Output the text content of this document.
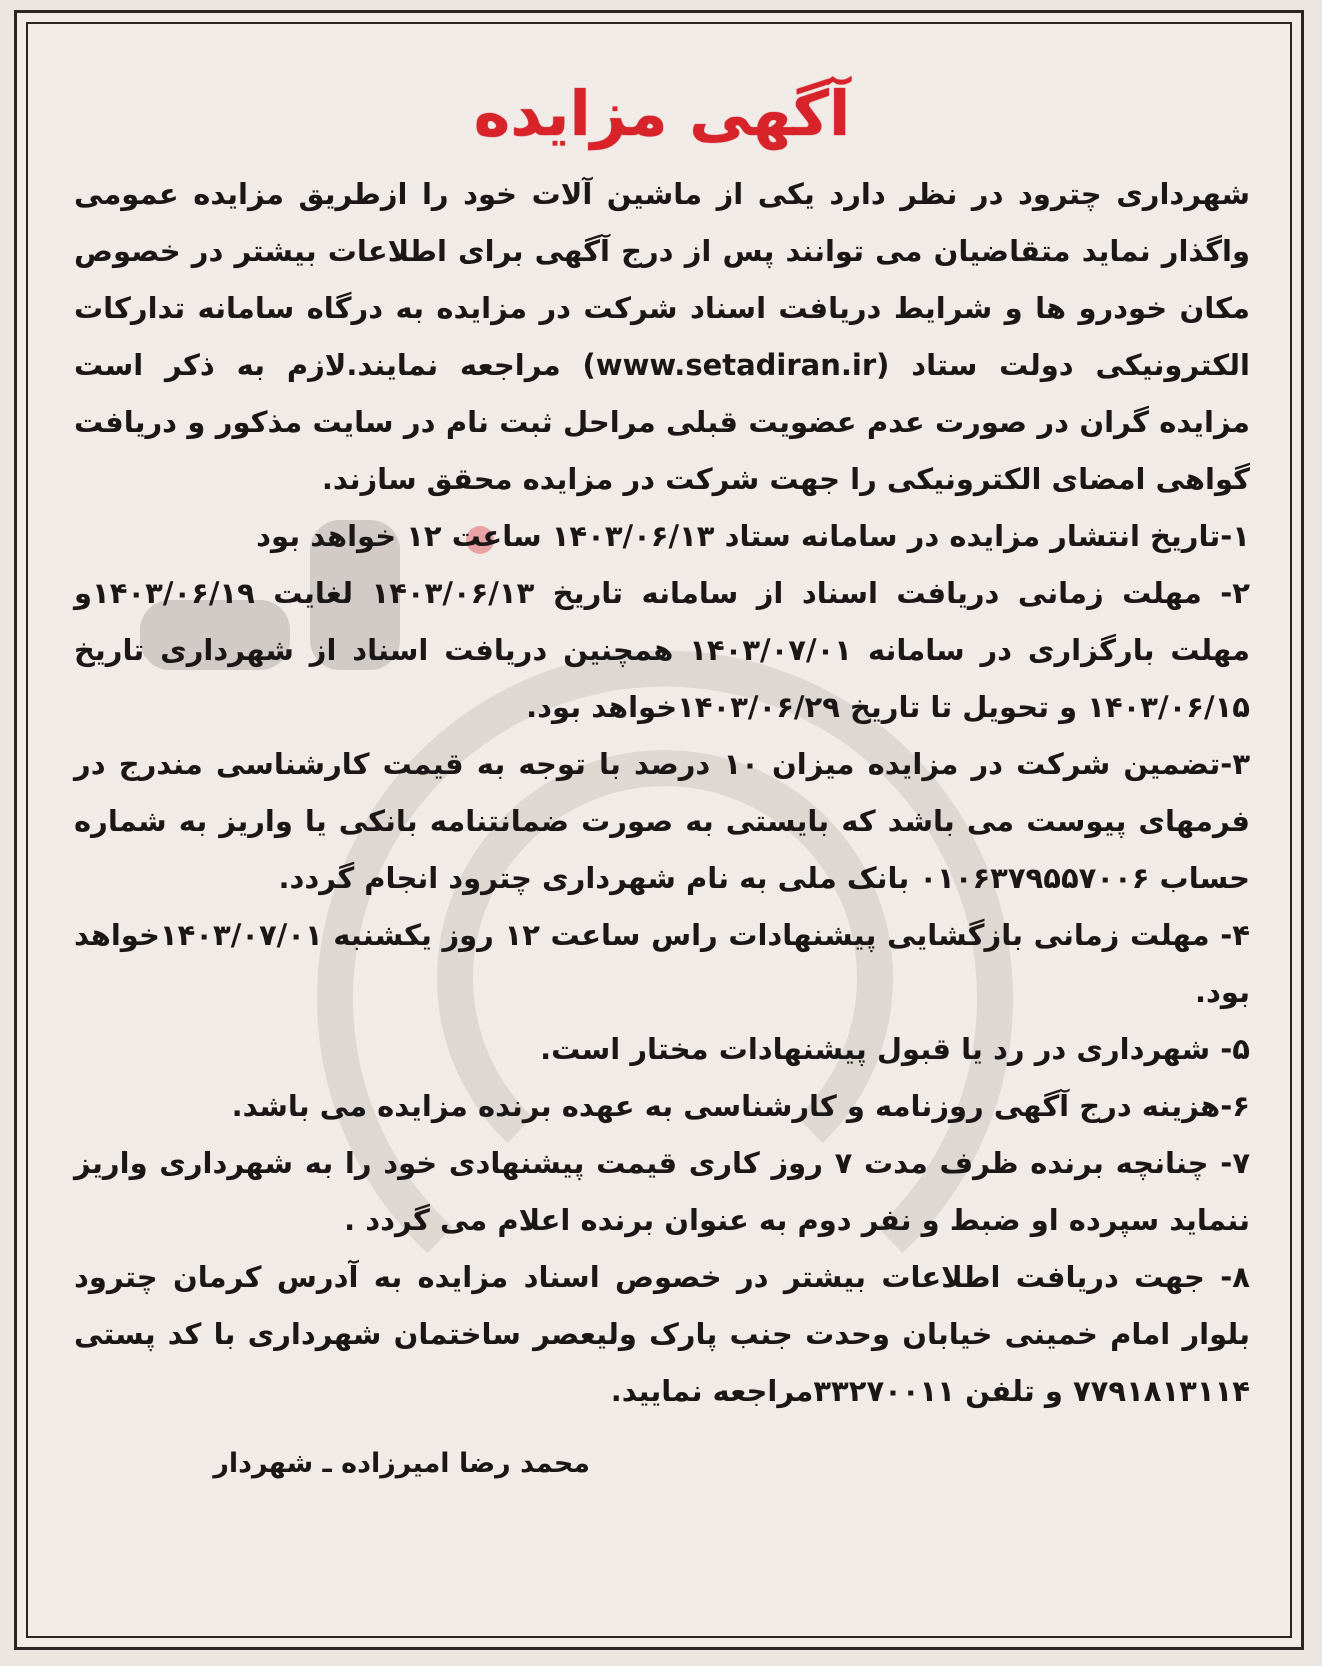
آگهی مزایده

شهرداری چترود در نظر دارد یکی از ماشین آلات خود را ازطریق مزایده عمومی واگذار نماید متقاضیان می توانند پس از درج آگهی برای اطلاعات بیشتر در خصوص مکان خودرو ها و شرایط دریافت اسناد شرکت در مزایده به درگاه سامانه تدارکات الکترونیکی دولت ستاد (www.setadiran.ir) مراجعه نمایند.لازم به ذکر است مزایده گران در صورت عدم عضویت قبلی مراحل ثبت نام در سایت مذکور و دریافت گواهی امضای الکترونیکی را جهت شرکت در مزایده محقق سازند.

۱-تاریخ انتشار مزایده در سامانه ستاد ۱۴۰۳/۰۶/۱۳ ساعت ۱۲ خواهد بود

۲- مهلت زمانی دریافت اسناد از سامانه تاریخ ۱۴۰۳/۰۶/۱۳ لغایت ۱۴۰۳/۰۶/۱۹و مهلت بارگزاری در سامانه ۱۴۰۳/۰۷/۰۱ همچنین دریافت اسناد از شهرداری تاریخ ۱۴۰۳/۰۶/۱۵ و تحویل تا تاریخ ۱۴۰۳/۰۶/۲۹خواهد بود.

۳-تضمین شرکت در مزایده میزان ۱۰ درصد با توجه به قیمت کارشناسی مندرج در فرمهای پیوست می باشد که بایستی به صورت ضمانتنامه بانکی یا واریز به شماره حساب ۰۱۰۶۳۷۹۵۵۷۰۰۶ بانک ملی به نام شهرداری چترود انجام گردد.

۴- مهلت زمانی بازگشایی پیشنهادات راس ساعت ۱۲ روز یکشنبه ۱۴۰۳/۰۷/۰۱خواهد بود.

۵- شهرداری در رد یا قبول پیشنهادات مختار است.

۶-هزینه درج آگهی روزنامه و کارشناسی به عهده برنده مزایده می باشد.

۷- چنانچه برنده ظرف مدت ۷ روز کاری قیمت پیشنهادی خود را به شهرداری واریز ننماید سپرده او ضبط و نفر دوم به عنوان برنده اعلام می گردد .

۸- جهت دریافت اطلاعات بیشتر در خصوص اسناد مزایده به آدرس کرمان چترود بلوار امام خمینی خیابان وحدت جنب پارک ولیعصر ساختمان شهرداری با کد پستی ۷۷۹۱۸۱۳۱۱۴ و تلفن ۳۳۲۷۰۰۱۱مراجعه نمایید.

محمد رضا امیرزاده ـ شهردار
